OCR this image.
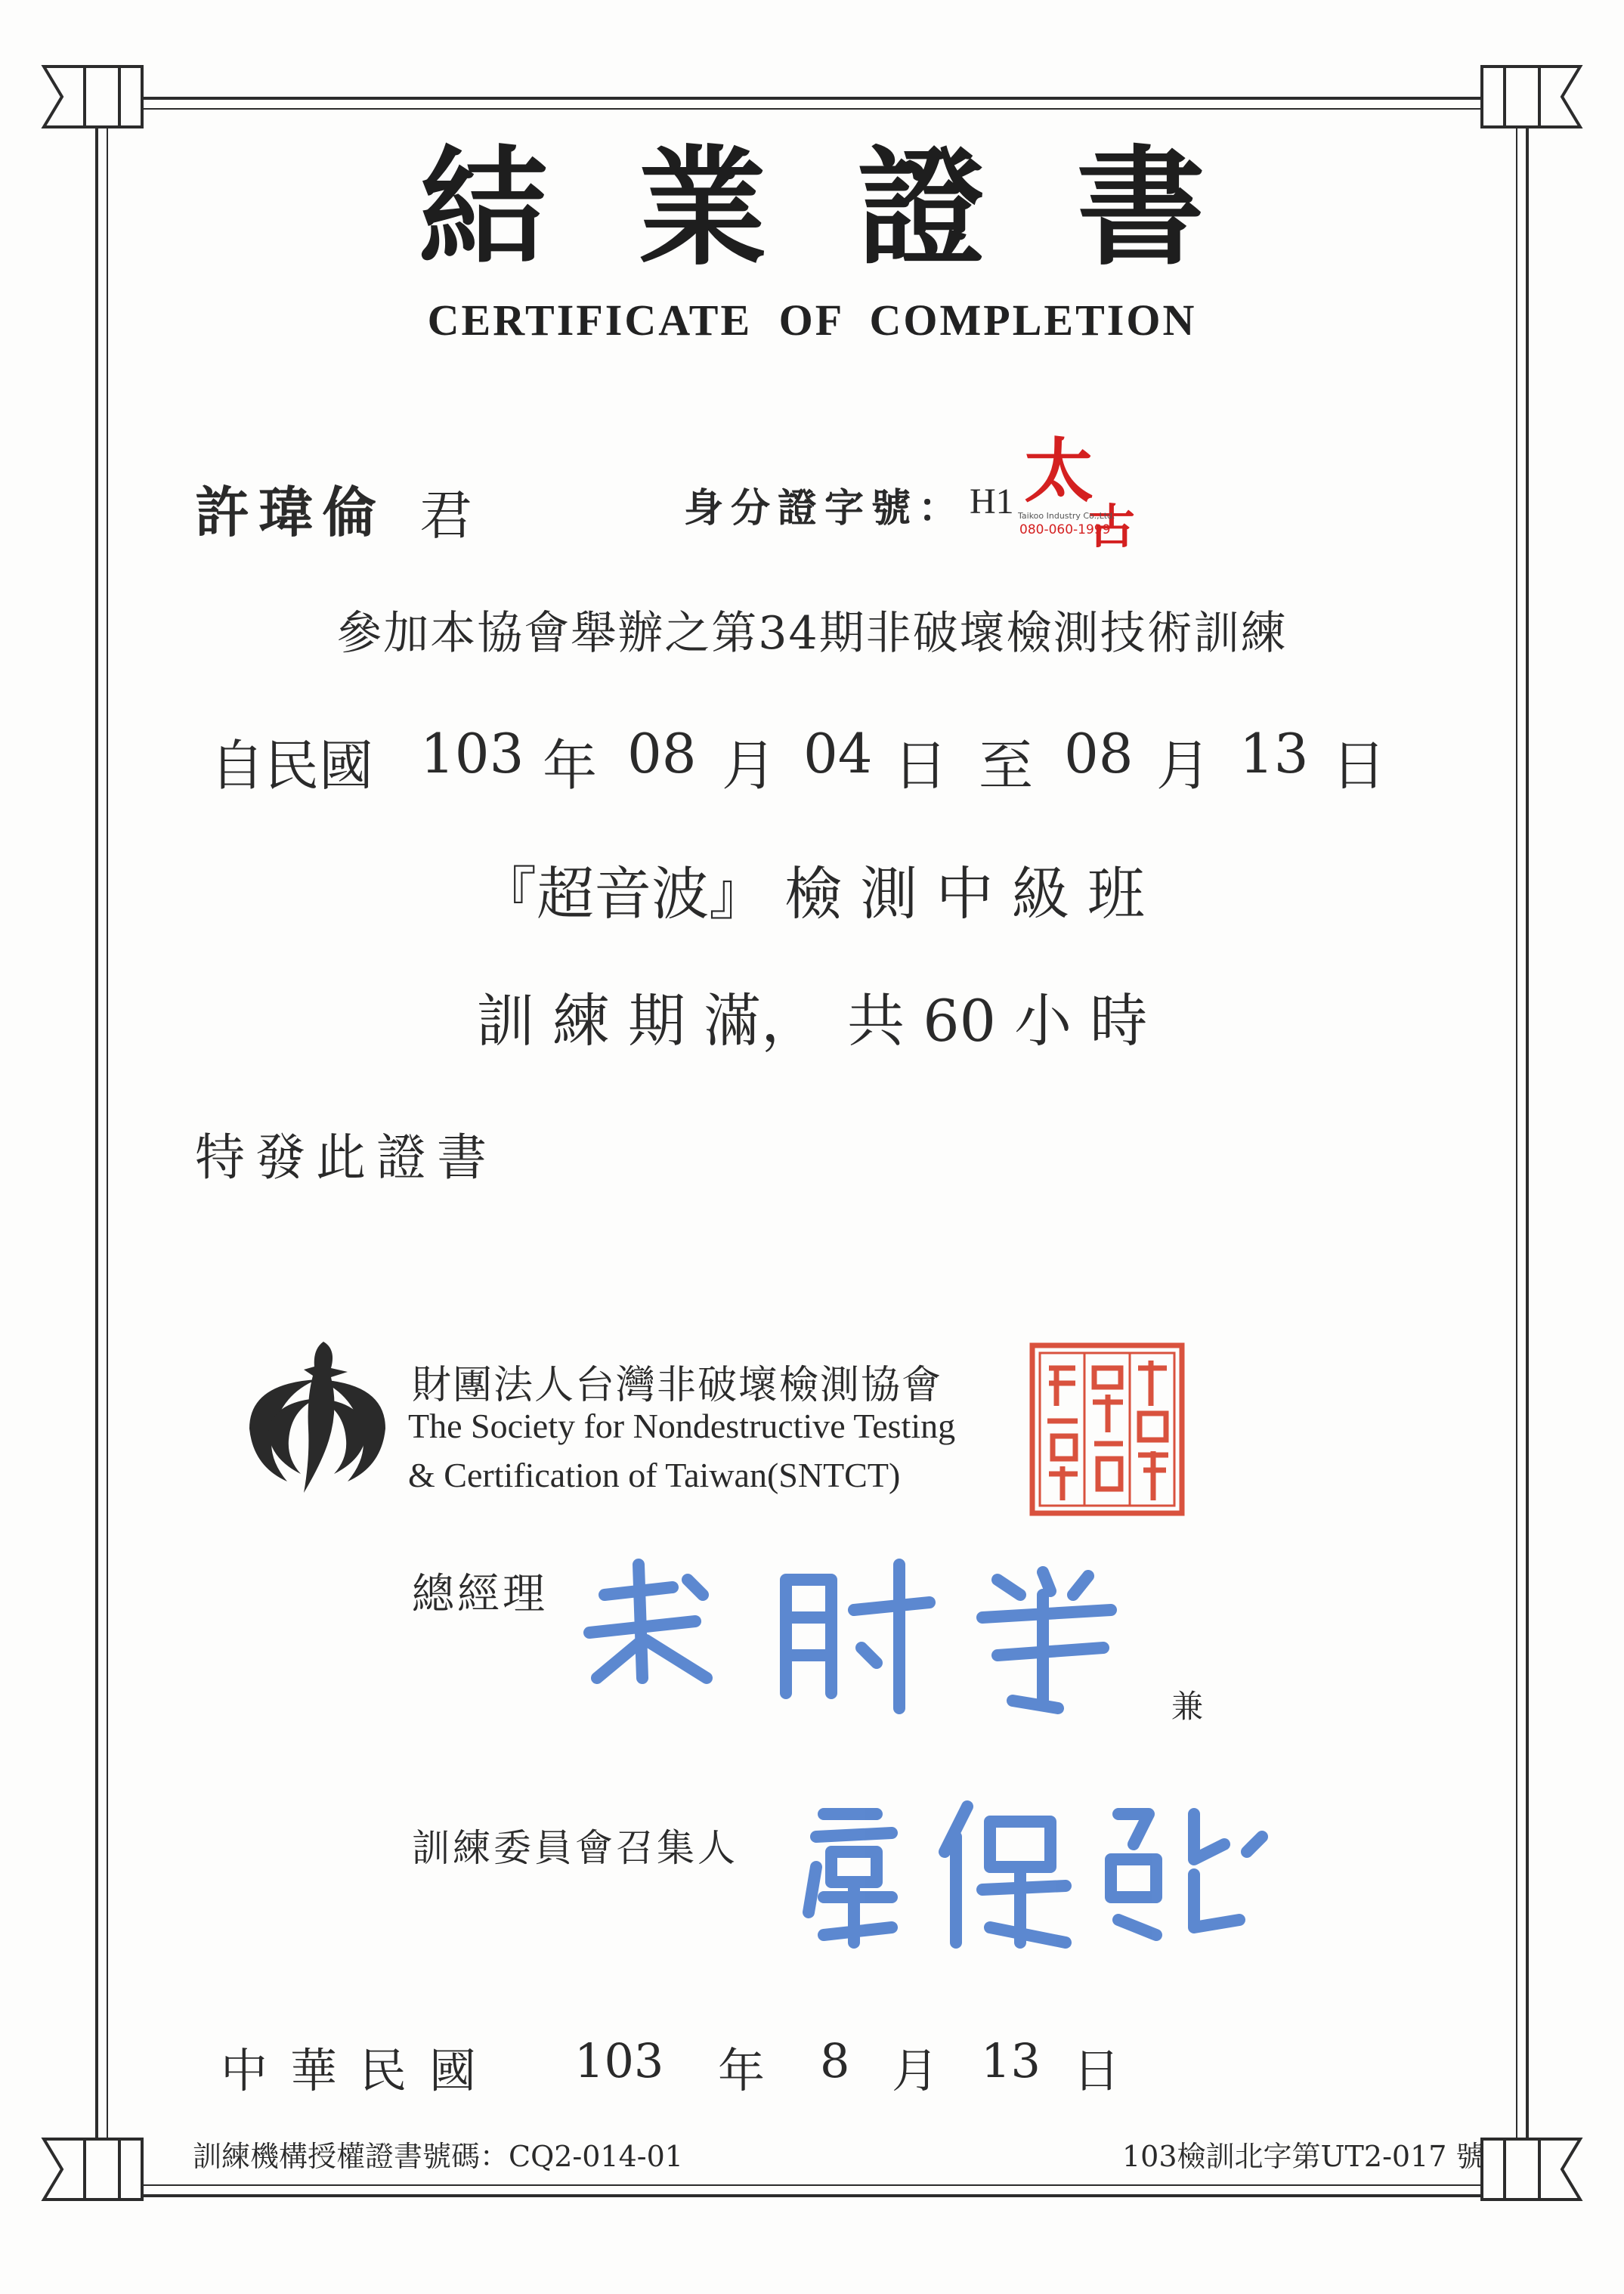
結業證書
CERTIFICATE OF COMPLETION
許瑋倫 君	身分證字號： H1 太
古
Taikoo Industry Co.,Ltd.
080-060-1999
參加本協會舉辦之第34期非破壞檢測技術訓練
自民國 103 年 08 月 04 日 至 08 月 13 日
『超音波』 檢 測 中 級 班
訓 練 期 滿，　共 60 小 時
特發此證書
財團法人台灣非破壞檢測協會
The Society for Nondestructive Testing
& Certification of Taiwan(SNTCT)
總經理
兼
訓練委員會召集人
中華民國 103 年 8 月 13 日
訓練機構授權證書號碼：CQ2-014-01	103檢訓北字第UT2-017 號
